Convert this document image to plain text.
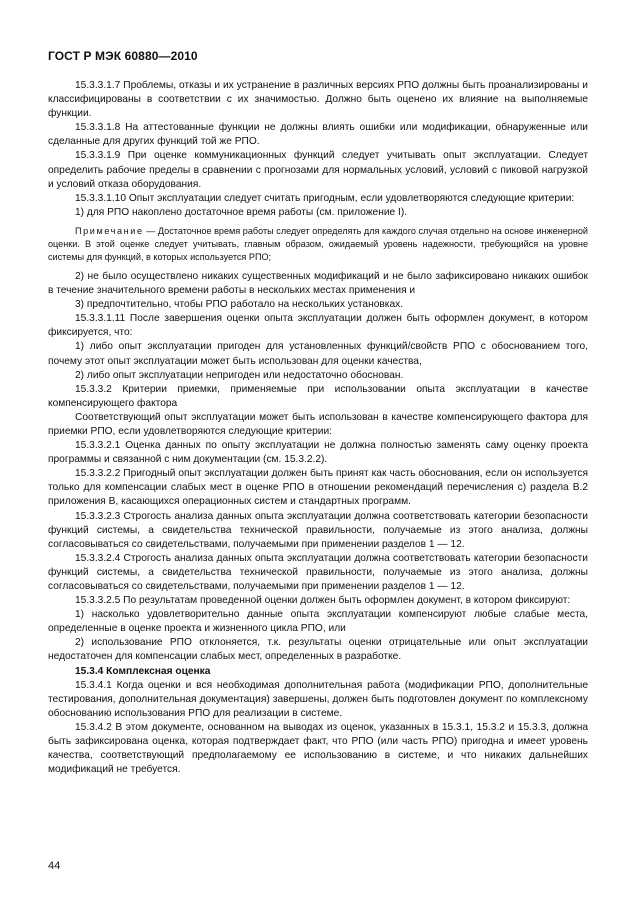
ГОСТ Р МЭК 60880—2010

15.3.3.1.7 Проблемы, отказы и их устранение в различных версиях РПО должны быть проанализированы и классифицированы в соответствии с их значимостью. Должно быть оценено их влияние на выполняемые функции.

15.3.3.1.8 На аттестованные функции не должны влиять ошибки или модификации, обнаруженные или сделанные для других функций той же РПО.

15.3.3.1.9 При оценке коммуникационных функций следует учитывать опыт эксплуатации. Следует определить рабочие пределы в сравнении с прогнозами для нормальных условий, условий с пиковой нагрузкой и условий отказа оборудования.

15.3.3.1.10 Опыт эксплуатации следует считать пригодным, если удовлетворяются следующие критерии:

1) для РПО накоплено достаточное время работы (см. приложение I).

Примечание — Достаточное время работы следует определять для каждого случая отдельно на основе инженерной оценки. В этой оценке следует учитывать, главным образом, ожидаемый уровень надежности, требующийся на уровне системы для функций, в которых используется РПО;

2) не было осуществлено никаких существенных модификаций и не было зафиксировано никаких ошибок в течение значительного времени работы в нескольких местах применения и

3) предпочтительно, чтобы РПО работало на нескольких установках.

15.3.3.1.11 После завершения оценки опыта эксплуатации должен быть оформлен документ, в котором фиксируется, что:

1) либо опыт эксплуатации пригоден для установленных функций/свойств РПО с обоснованием того, почему этот опыт эксплуатации может быть использован для оценки качества,

2) либо опыт эксплуатации непригоден или недостаточно обоснован.

15.3.3.2 Критерии приемки, применяемые при использовании опыта эксплуатации в качестве компенсирующего фактора

Соответствующий опыт эксплуатации может быть использован в качестве компенсирующего фактора для приемки РПО, если удовлетворяются следующие критерии:

15.3.3.2.1 Оценка данных по опыту эксплуатации не должна полностью заменять саму оценку проекта программы и связанной с ним документации (см. 15.3.2.2).

15.3.3.2.2 Пригодный опыт эксплуатации должен быть принят как часть обоснования, если он используется только для компенсации слабых мест в оценке РПО в отношении рекомендаций перечисления с) раздела В.2 приложения В, касающихся операционных систем и стандартных программ.

15.3.3.2.3 Строгость анализа данных опыта эксплуатации должна соответствовать категории безопасности функций системы, а свидетельства технической правильности, получаемые из этого анализа, должны согласовываться со свидетельствами, получаемыми при применении разделов 1 — 12.

15.3.3.2.4 Строгость анализа данных опыта эксплуатации должна соответствовать категории безопасности функций системы, а свидетельства технической правильности, получаемые из этого анализа, должны согласовываться со свидетельствами, получаемыми при применении разделов 1 — 12.

15.3.3.2.5 По результатам проведенной оценки должен быть оформлен документ, в котором фиксируют:

1) насколько удовлетворительно данные опыта эксплуатации компенсируют любые слабые места, определенные в оценке проекта и жизненного цикла РПО, или

2) использование РПО отклоняется, т.к. результаты оценки отрицательные или опыт эксплуатации недостаточен для компенсации слабых мест, определенных в разработке.

15.3.4 Комплексная оценка

15.3.4.1 Когда оценки и вся необходимая дополнительная работа (модификации РПО, дополнительные тестирования, дополнительная документация) завершены, должен быть подготовлен документ по комплексному обоснованию использования РПО для реализации в системе.

15.3.4.2 В этом документе, основанном на выводах из оценок, указанных в 15.3.1, 15.3.2 и 15.3.3, должна быть зафиксирована оценка, которая подтверждает факт, что РПО (или часть РПО) пригодна и имеет уровень качества, соответствующий предполагаемому ее использованию в системе, и что никаких дальнейших модификаций не требуется.

44
